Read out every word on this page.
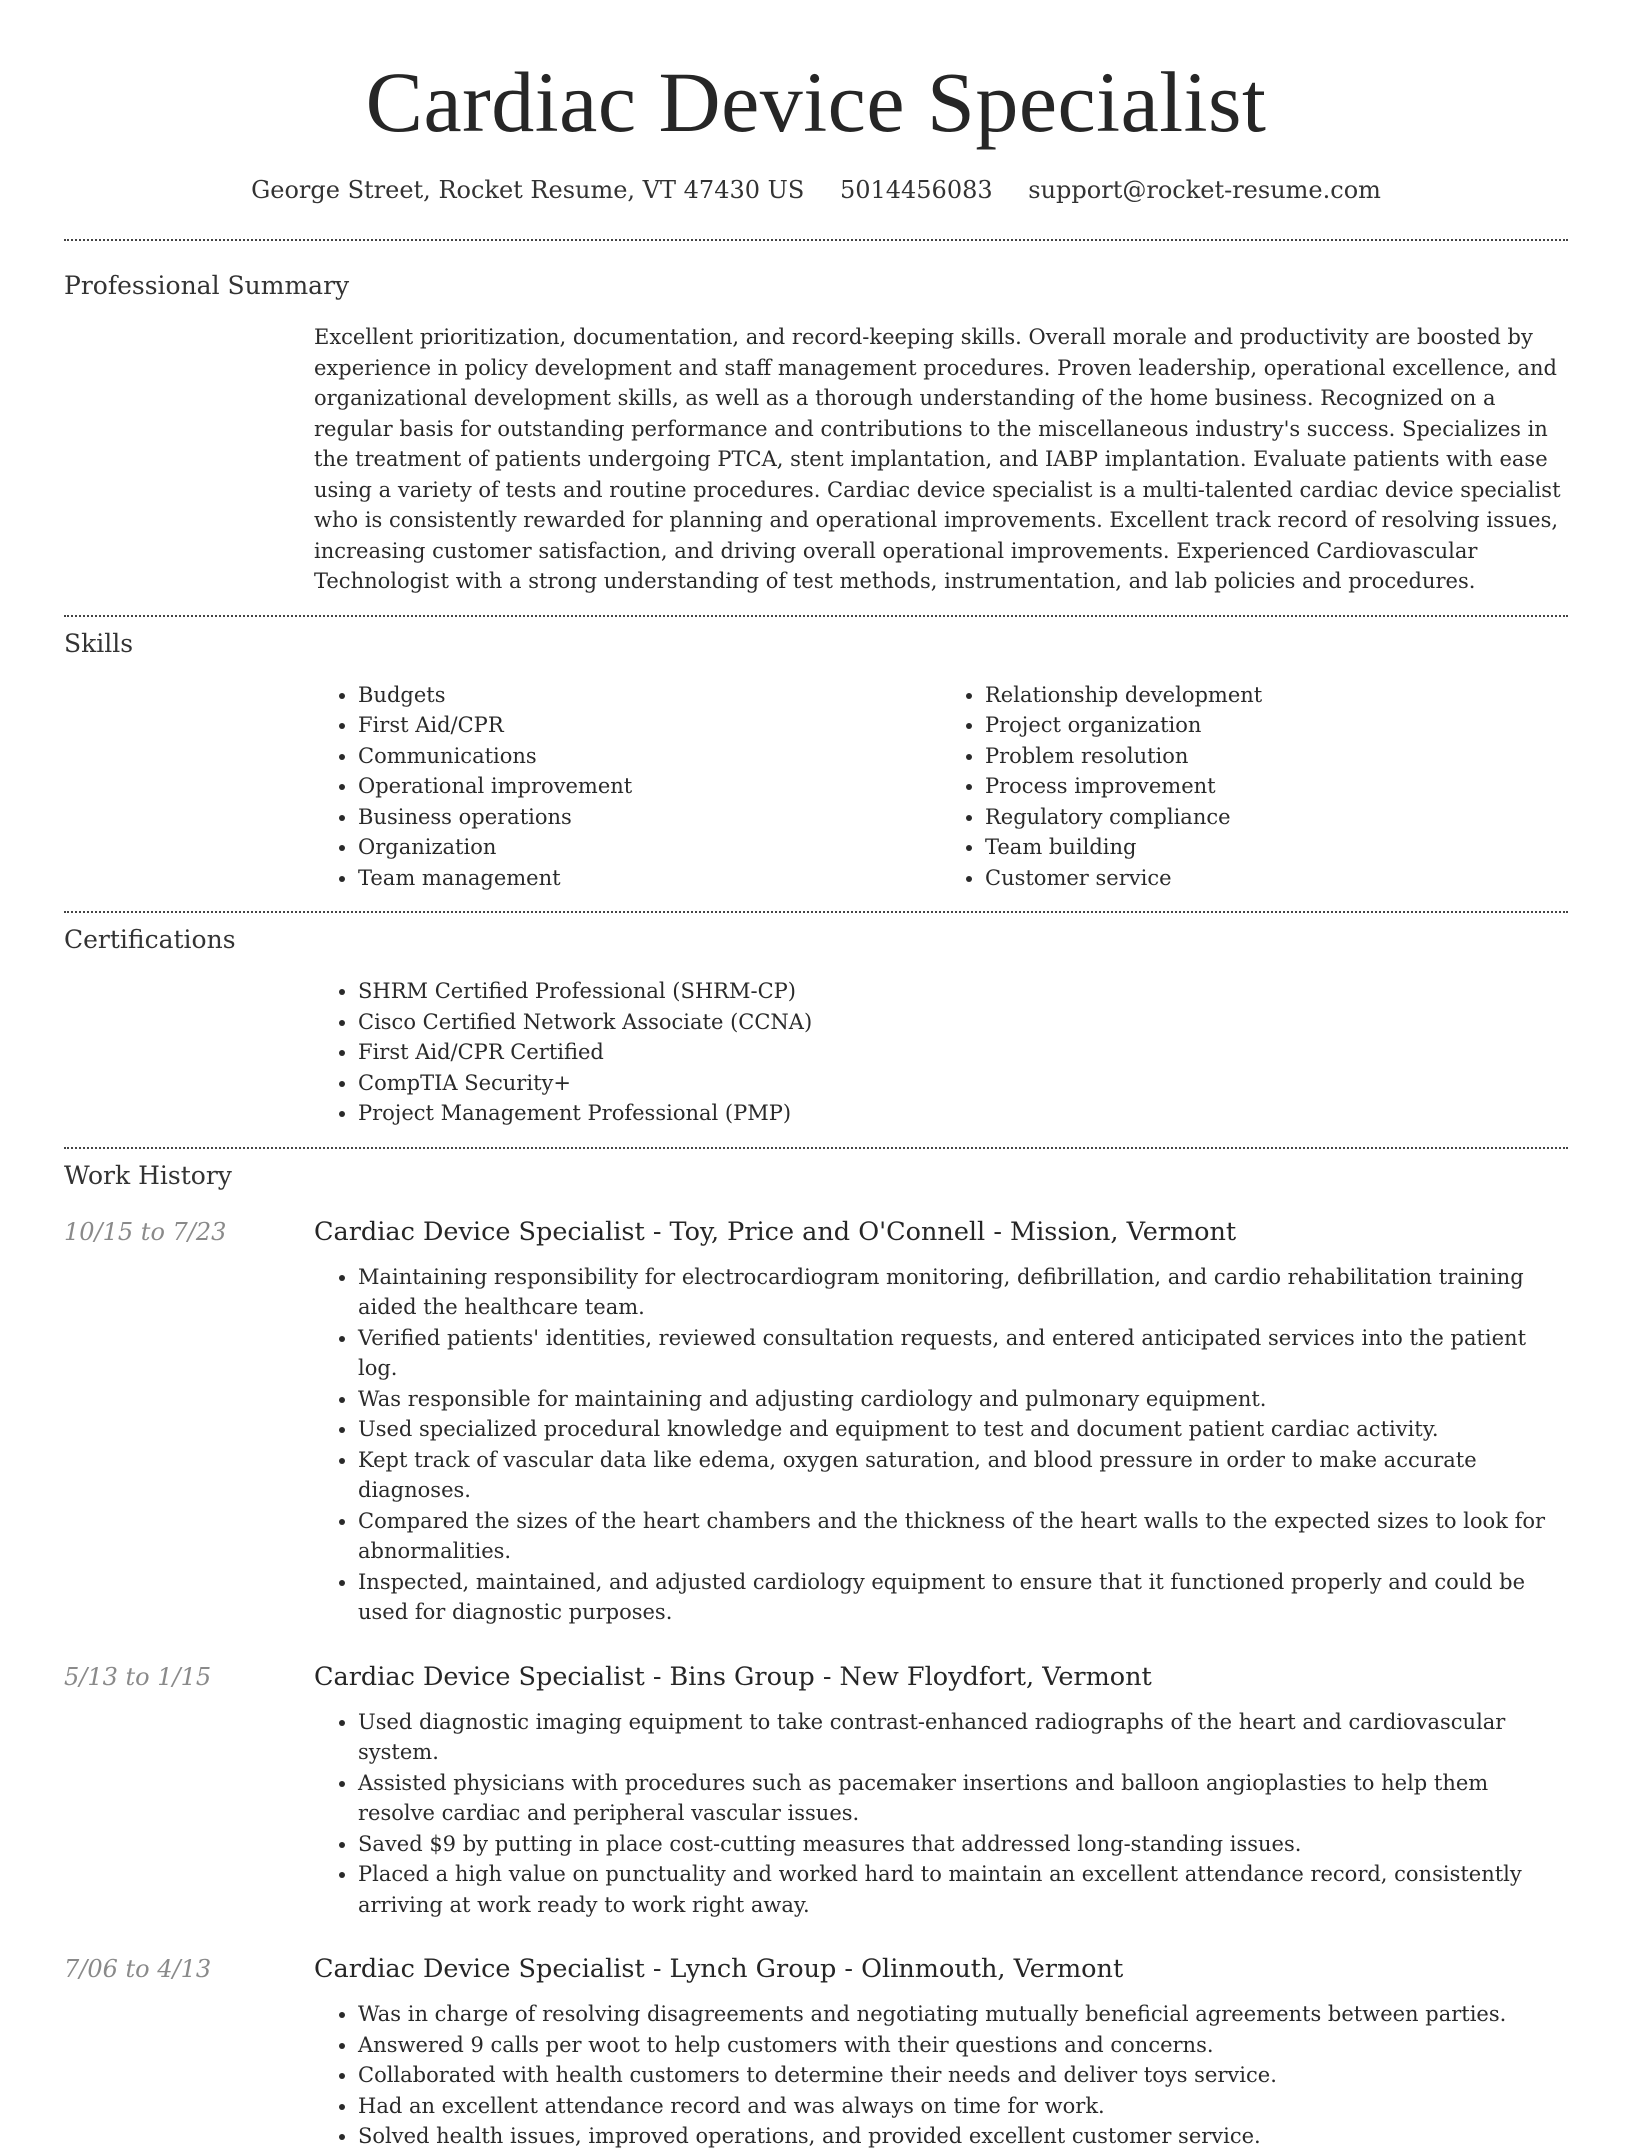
Cardiac Device Specialist
George Street, Rocket Resume, VT 47430 US 5014456083 support@rocket-resume.com
Professional Summary

Excellent prioritization, documentation, and record-keeping skills. Overall morale and productivity are boosted by experience in policy development and staff management procedures. Proven leadership, operational excellence, and organizational development skills, as well as a thorough understanding of the home business. Recognized on a regular basis for outstanding performance and contributions to the miscellaneous industry's success. Specializes in the treatment of patients undergoing PTCA, stent implantation, and IABP implantation. Evaluate patients with ease using a variety of tests and routine procedures. Cardiac device specialist is a multi-talented cardiac device specialist who is consistently rewarded for planning and operational improvements. Excellent track record of resolving issues, increasing customer satisfaction, and driving overall operational improvements. Experienced Cardiovascular Technologist with a strong understanding of test methods, instrumentation, and lab policies and procedures.

Skills
• Budgets
• First Aid/CPR
• Communications
• Operational improvement
• Business operations
• Organization
• Team management
• Relationship development
• Project organization
• Problem resolution
• Process improvement
• Regulatory compliance
• Team building
• Customer service
Certifications
• SHRM Certified Professional (SHRM-CP)
• Cisco Certified Network Associate (CCNA)
• First Aid/CPR Certified
• CompTIA Security+
• Project Management Professional (PMP)
Work History
10/15 to 7/23	Cardiac Device Specialist - Toy, Price and O'Connell - Mission, Vermont
• Maintaining responsibility for electrocardiogram monitoring, defibrillation, and cardio rehabilitation training aided the healthcare team.
• Verified patients' identities, reviewed consultation requests, and entered anticipated services into the patient log.
• Was responsible for maintaining and adjusting cardiology and pulmonary equipment.
• Used specialized procedural knowledge and equipment to test and document patient cardiac activity.
• Kept track of vascular data like edema, oxygen saturation, and blood pressure in order to make accurate diagnoses.
• Compared the sizes of the heart chambers and the thickness of the heart walls to the expected sizes to look for abnormalities.
• Inspected, maintained, and adjusted cardiology equipment to ensure that it functioned properly and could be used for diagnostic purposes.
5/13 to 1/15	Cardiac Device Specialist - Bins Group - New Floydfort, Vermont
• Used diagnostic imaging equipment to take contrast-enhanced radiographs of the heart and cardiovascular system.
• Assisted physicians with procedures such as pacemaker insertions and balloon angioplasties to help them resolve cardiac and peripheral vascular issues.
• Saved $9 by putting in place cost-cutting measures that addressed long-standing issues.
• Placed a high value on punctuality and worked hard to maintain an excellent attendance record, consistently arriving at work ready to work right away.
7/06 to 4/13	Cardiac Device Specialist - Lynch Group - Olinmouth, Vermont
• Was in charge of resolving disagreements and negotiating mutually beneficial agreements between parties.
• Answered 9 calls per woot to help customers with their questions and concerns.
• Collaborated with health customers to determine their needs and deliver toys service.
• Had an excellent attendance record and was always on time for work.
• Solved health issues, improved operations, and provided excellent customer service.
